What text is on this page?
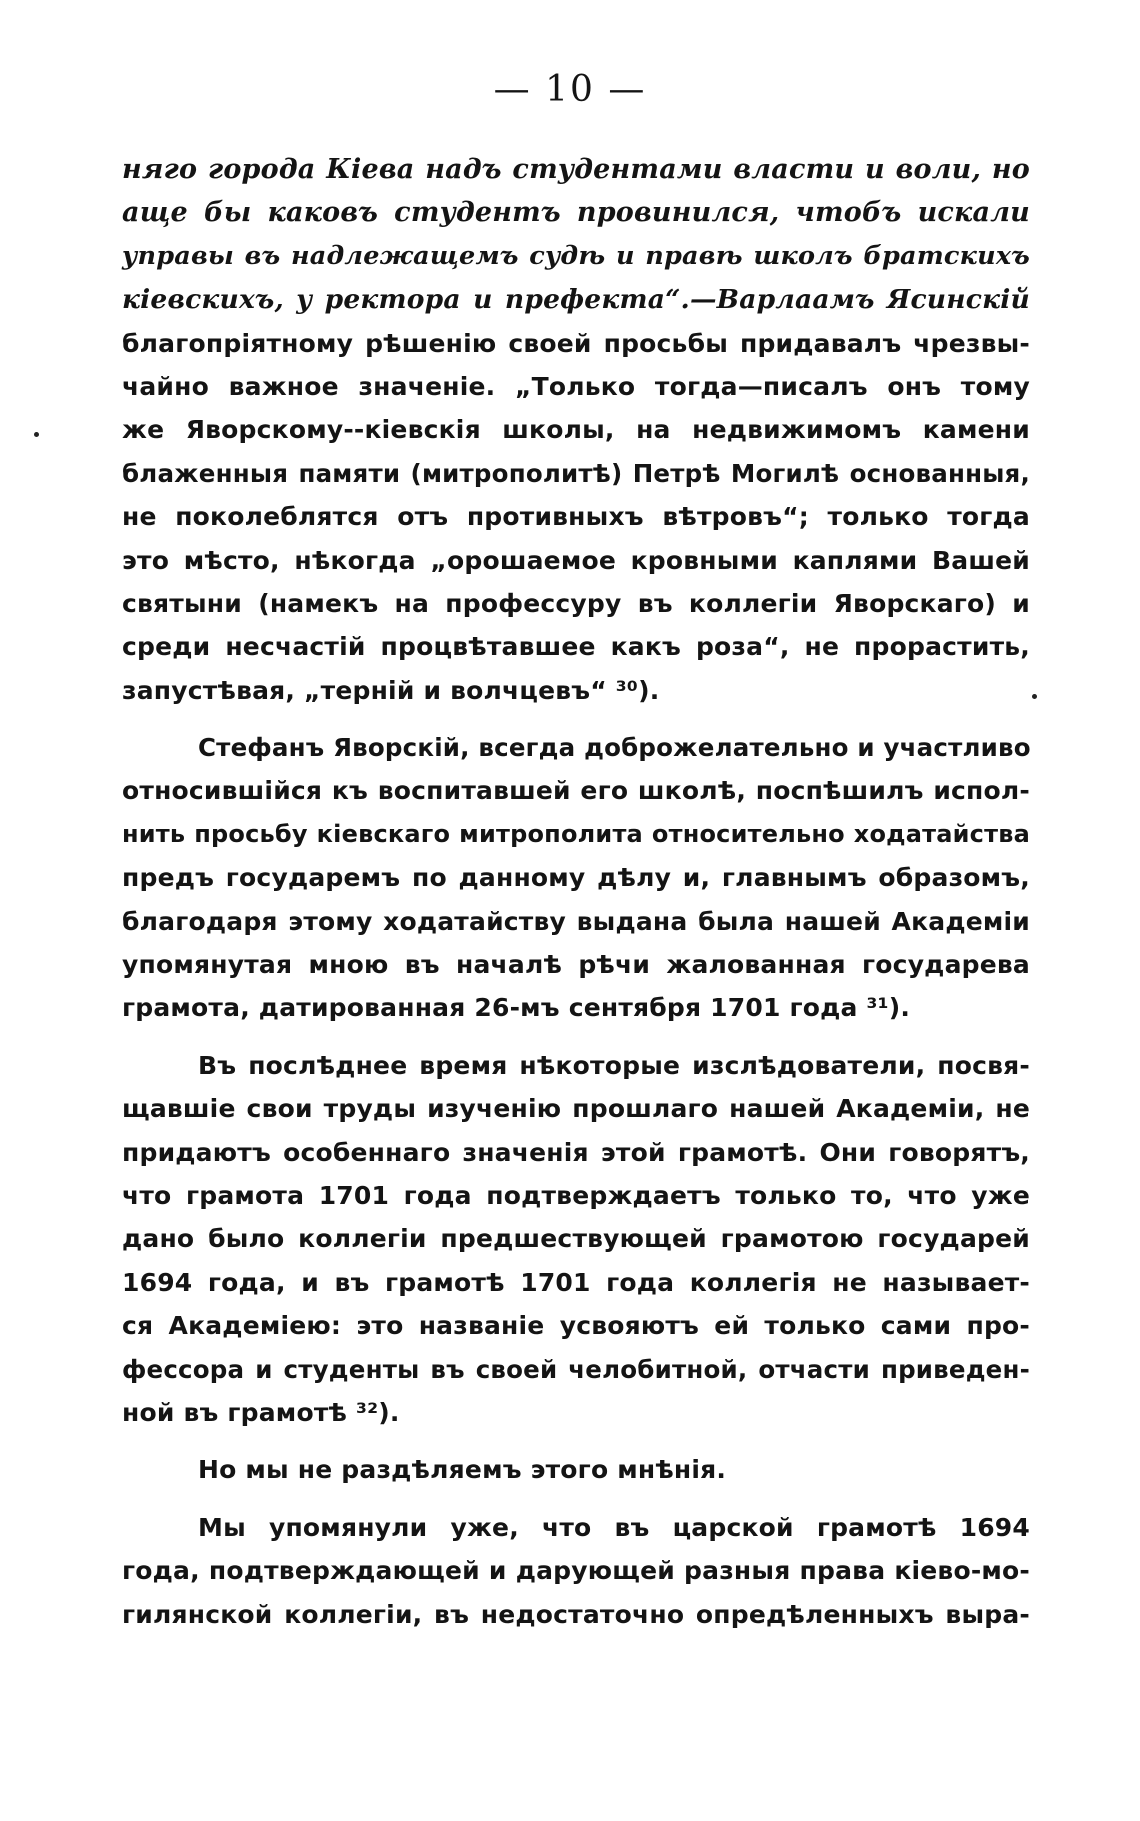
— 10 —
няго города Кіева надъ студентами власти и воли, но
аще бы каковъ студентъ провинился, чтобъ искали
управы въ надлежащемъ судѣ и правѣ школъ братскихъ
кіевскихъ, у ректора и префекта“.—Варлаамъ Ясинскій
благопріятному рѣшенію своей просьбы придавалъ чрезвы-
чайно важное значеніе. „Только тогда—писалъ онъ тому
же Яворскому--кіевскія школы, на недвижимомъ камени
блаженныя памяти (митрополитѣ) Петрѣ Могилѣ основанныя,
не поколеблятся отъ противныхъ вѣтровъ“; только тогда
это мѣсто, нѣкогда „орошаемое кровными каплями Вашей
святыни (намекъ на профессуру въ коллегіи Яворскаго) и
среди несчастій процвѣтавшее какъ роза“, не прорастить,
запустѣвая, „терній и волчцевъ“ ³⁰).
Стефанъ Яворскій, всегда доброжелательно и участливо
относившійся къ воспитавшей его школѣ, поспѣшилъ испол-
нить просьбу кіевскаго митрополита относительно ходатайства
предъ государемъ по данному дѣлу и, главнымъ образомъ,
благодаря этому ходатайству выдана была нашей Академіи
упомянутая мною въ началѣ рѣчи жалованная государева
грамота, датированная 26-мъ сентября 1701 года ³¹).
Въ послѣднее время нѣкоторые изслѣдователи, посвя-
щавшіе свои труды изученію прошлаго нашей Академіи, не
придаютъ особеннаго значенія этой грамотѣ. Они говорятъ,
что грамота 1701 года подтверждаетъ только то, что уже
дано было коллегіи предшествующей грамотою государей
1694 года, и въ грамотѣ 1701 года коллегія не называет-
ся Академіею: это названіе усвояютъ ей только сами про-
фессора и студенты въ своей челобитной, отчасти приведен-
ной въ грамотѣ ³²).
Но мы не раздѣляемъ этого мнѣнія.
Мы упомянули уже, что въ царской грамотѣ 1694
года, подтверждающей и дарующей разныя права кіево-мо-
гилянской коллегіи, въ недостаточно опредѣленныхъ выра-
